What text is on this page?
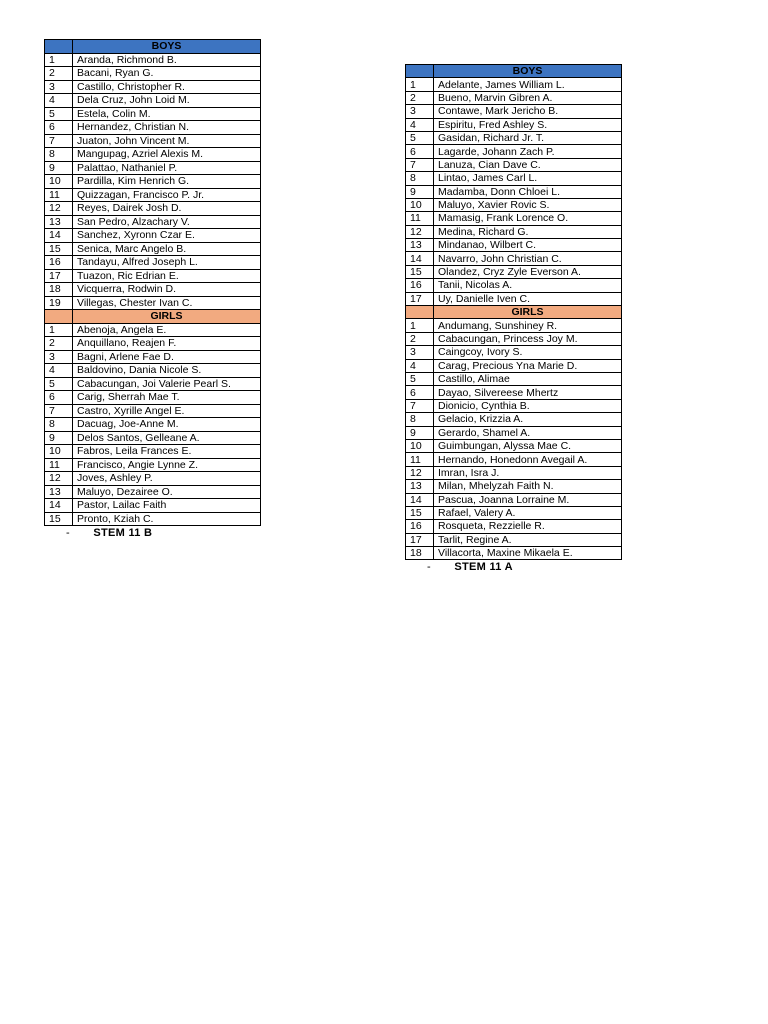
	BOYS
1	Aranda, Richmond B.
2	Bacani, Ryan G.
3	Castillo, Christopher R.
4	Dela Cruz, John Loid M.
5	Estela, Colin M.
6	Hernandez, Christian N.
7	Juaton, John Vincent M.
8	Mangupag, Azriel Alexis M.
9	Palattao, Nathaniel P.
10	Pardilla, Kim Henrich G.
11	Quizzagan, Francisco P. Jr.
12	Reyes, Dairek Josh D.
13	San Pedro, Alzachary V.
14	Sanchez, Xyronn Czar E.
15	Senica, Marc Angelo B.
16	Tandayu, Alfred Joseph L.
17	Tuazon, Ric Edrian E.
18	Vicquerra, Rodwin D.
19	Villegas, Chester Ivan C.
	GIRLS
1	Abenoja, Angela E.
2	Anquillano, Reajen F.
3	Bagni, Arlene Fae D.
4	Baldovino, Dania Nicole S.
5	Cabacungan, Joi Valerie Pearl S.
6	Carig, Sherrah Mae T.
7	Castro, Xyrille Angel E.
8	Dacuag, Joe-Anne M.
9	Delos Santos, Gelleane A.
10	Fabros, Leila Frances E.
11	Francisco, Angie Lynne Z.
12	Joves, Ashley P.
13	Maluyo, Dezairee O.
14	Pastor, Lailac Faith
15	Pronto, Kziah C.
- STEM 11 B
	BOYS
1	Adelante, James William L.
2	Bueno, Marvin Gibren A.
3	Contawe, Mark Jericho B.
4	Espiritu, Fred Ashley S.
5	Gasidan, Richard Jr. T.
6	Lagarde, Johann Zach P.
7	Lanuza, Cian Dave C.
8	Lintao, James Carl L.
9	Madamba, Donn Chloei L.
10	Maluyo, Xavier Rovic S.
11	Mamasig, Frank Lorence O.
12	Medina, Richard G.
13	Mindanao, Wilbert C.
14	Navarro, John Christian C.
15	Olandez, Cryz Zyle Everson A.
16	Tanii, Nicolas A.
17	Uy, Danielle Iven C.
	GIRLS
1	Andumang, Sunshiney R.
2	Cabacungan, Princess Joy M.
3	Caingcoy, Ivory S.
4	Carag, Precious Yna Marie D.
5	Castillo, Alimae
6	Dayao, Silvereese Mhertz
7	Dionicio, Cynthia B.
8	Gelacio, Krizzia A.
9	Gerardo, Shamel A.
10	Guimbungan, Alyssa Mae C.
11	Hernando, Honedonn Avegail A.
12	Imran, Isra J.
13	Milan, Mhelyzah Faith N.
14	Pascua, Joanna Lorraine M.
15	Rafael, Valery A.
16	Rosqueta, Rezzielle R.
17	Tarlit, Regine A.
18	Villacorta, Maxine Mikaela E.
- STEM 11 A
